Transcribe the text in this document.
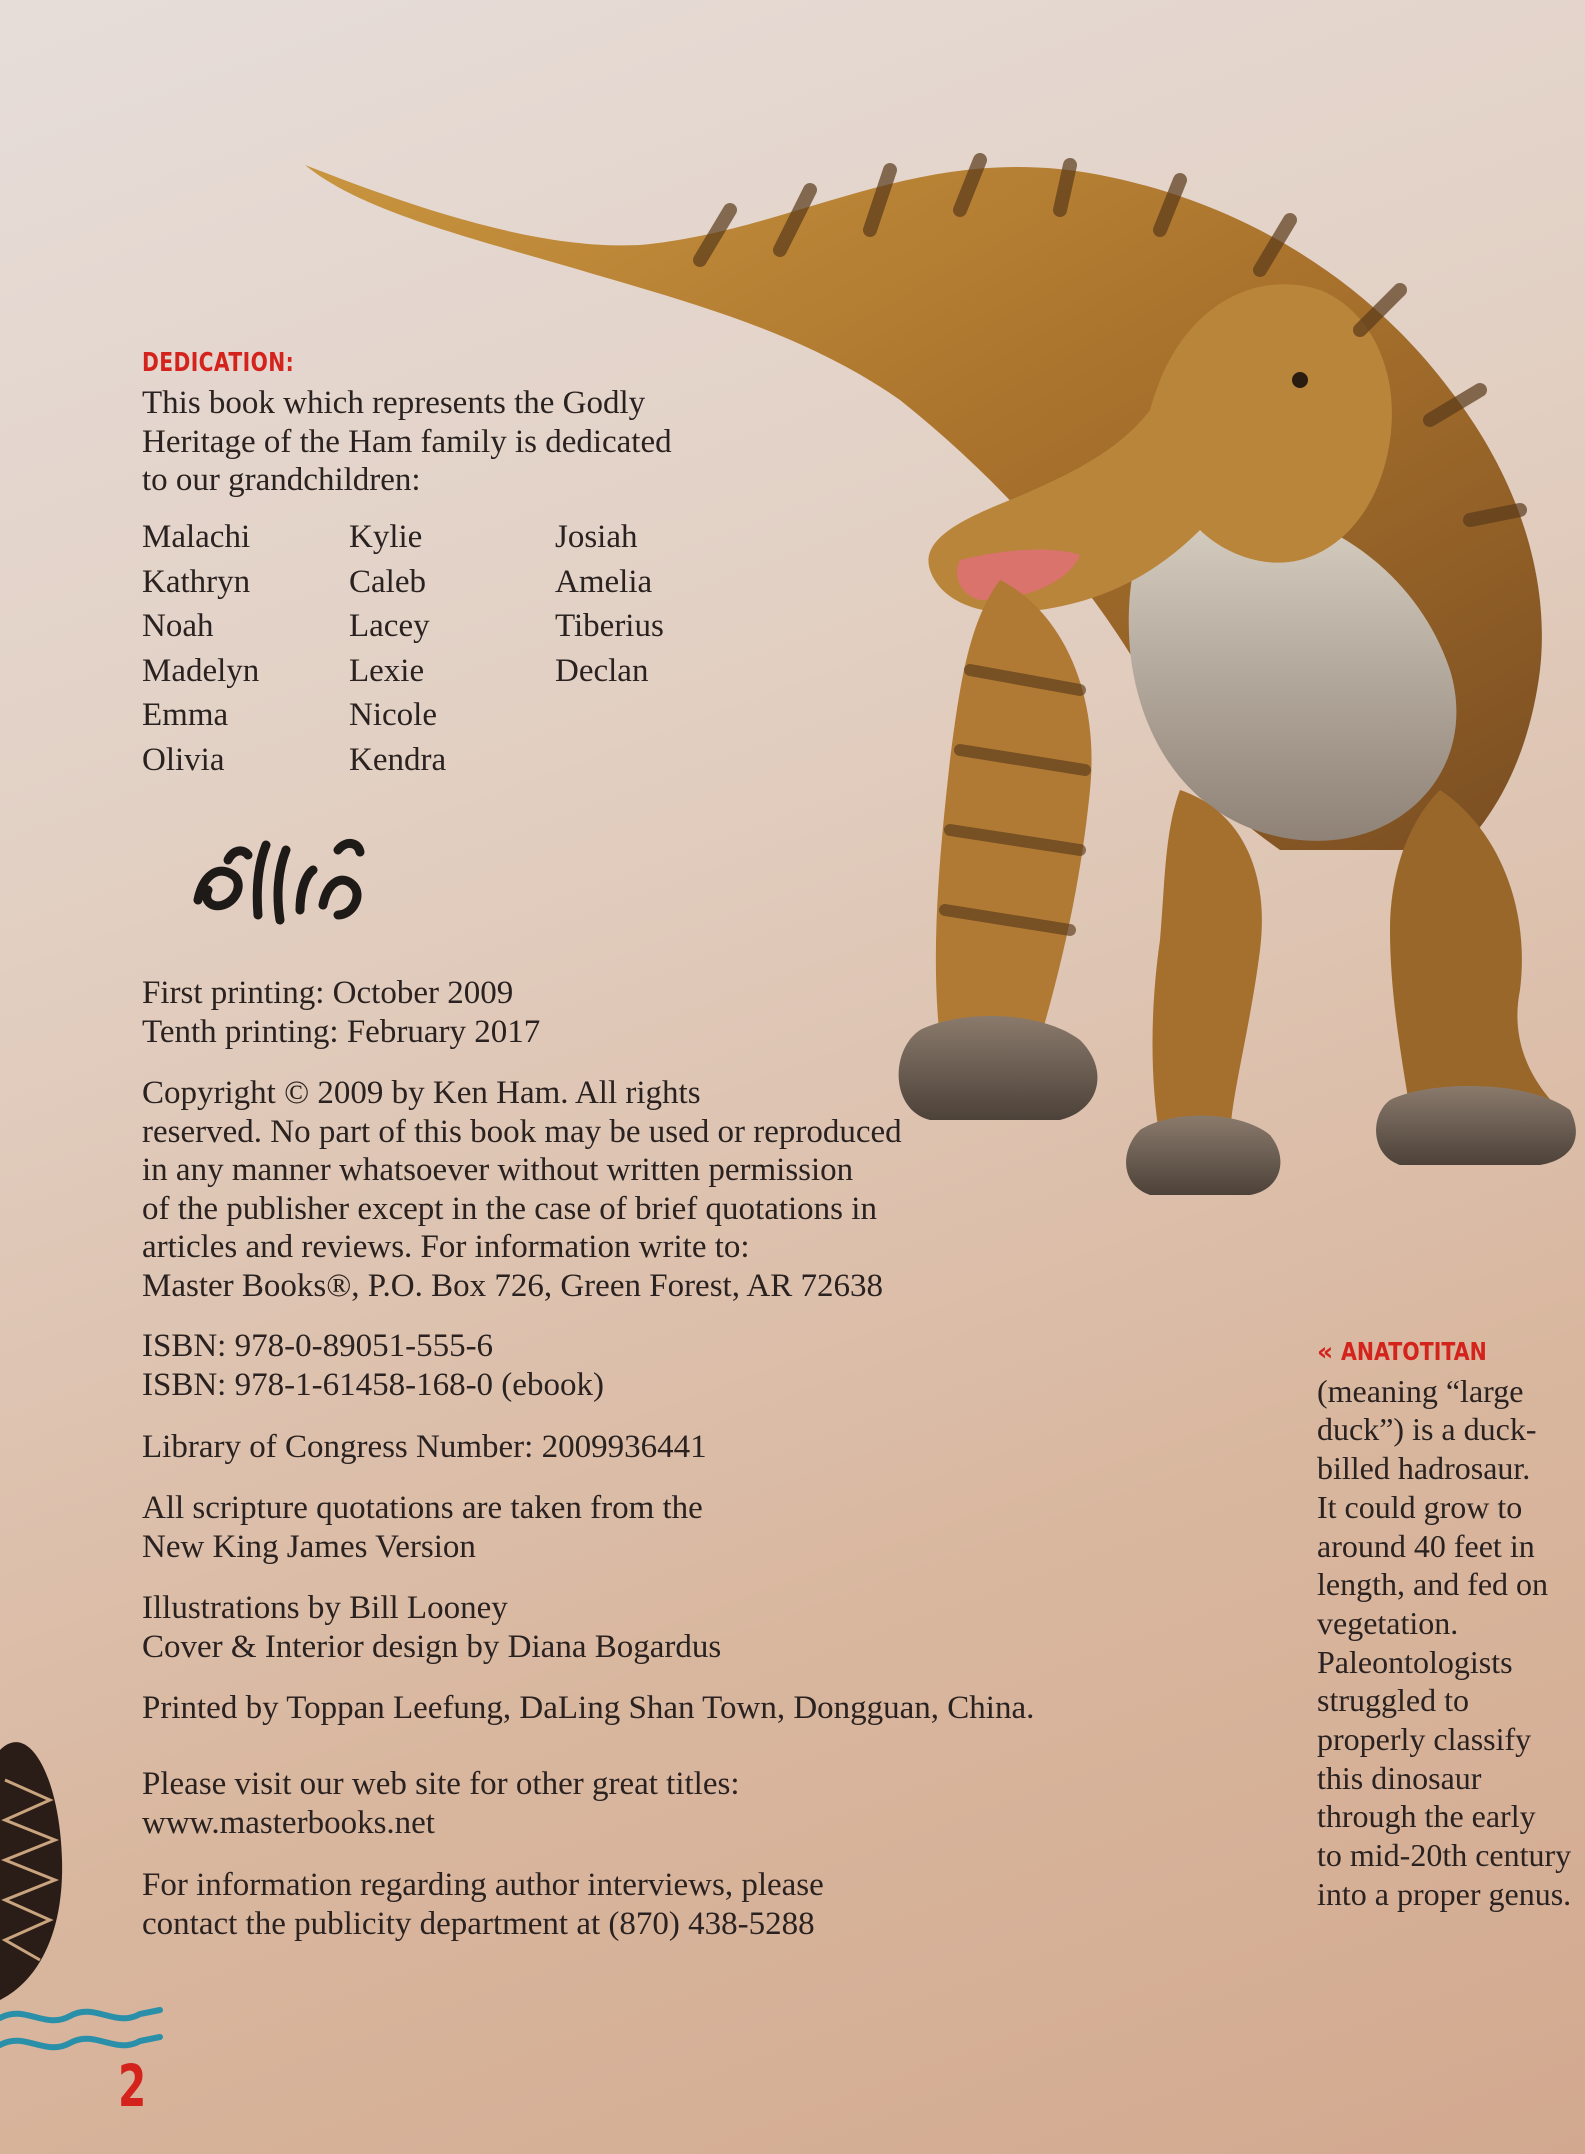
DEDICATION:

This book which represents the Godly
Heritage of the Ham family is dedicated
to our grandchildren:

Malachi
Kathryn
Noah
Madelyn
Emma
Olivia
Kylie
Caleb
Lacey
Lexie
Nicole
Kendra
Josiah
Amelia
Tiberius
Declan

First printing: October 2009
Tenth printing: February 2017

Copyright © 2009 by Ken Ham. All rights
reserved. No part of this book may be used or reproduced
in any manner whatsoever without written permission
of the publisher except in the case of brief quotations in
articles and reviews. For information write to:
Master Books®, P.O. Box 726, Green Forest, AR 72638

ISBN: 978-0-89051-555-6
ISBN: 978-1-61458-168-0 (ebook)

Library of Congress Number: 2009936441

All scripture quotations are taken from the
New King James Version

Illustrations by Bill Looney
Cover & Interior design by Diana Bogardus

Printed by Toppan Leefung, DaLing Shan Town, Dongguan, China.

Please visit our web site for other great titles:
www.masterbooks.net

For information regarding author interviews, please
contact the publicity department at (870) 438-5288

« ANATOTITAN
(meaning “large
duck”) is a duck-
billed hadrosaur.
It could grow to
around 40 feet in
length, and fed on
vegetation.
Paleontologists
struggled to
properly classify
this dinosaur
through the early
to mid-20th century
into a proper genus.
2
